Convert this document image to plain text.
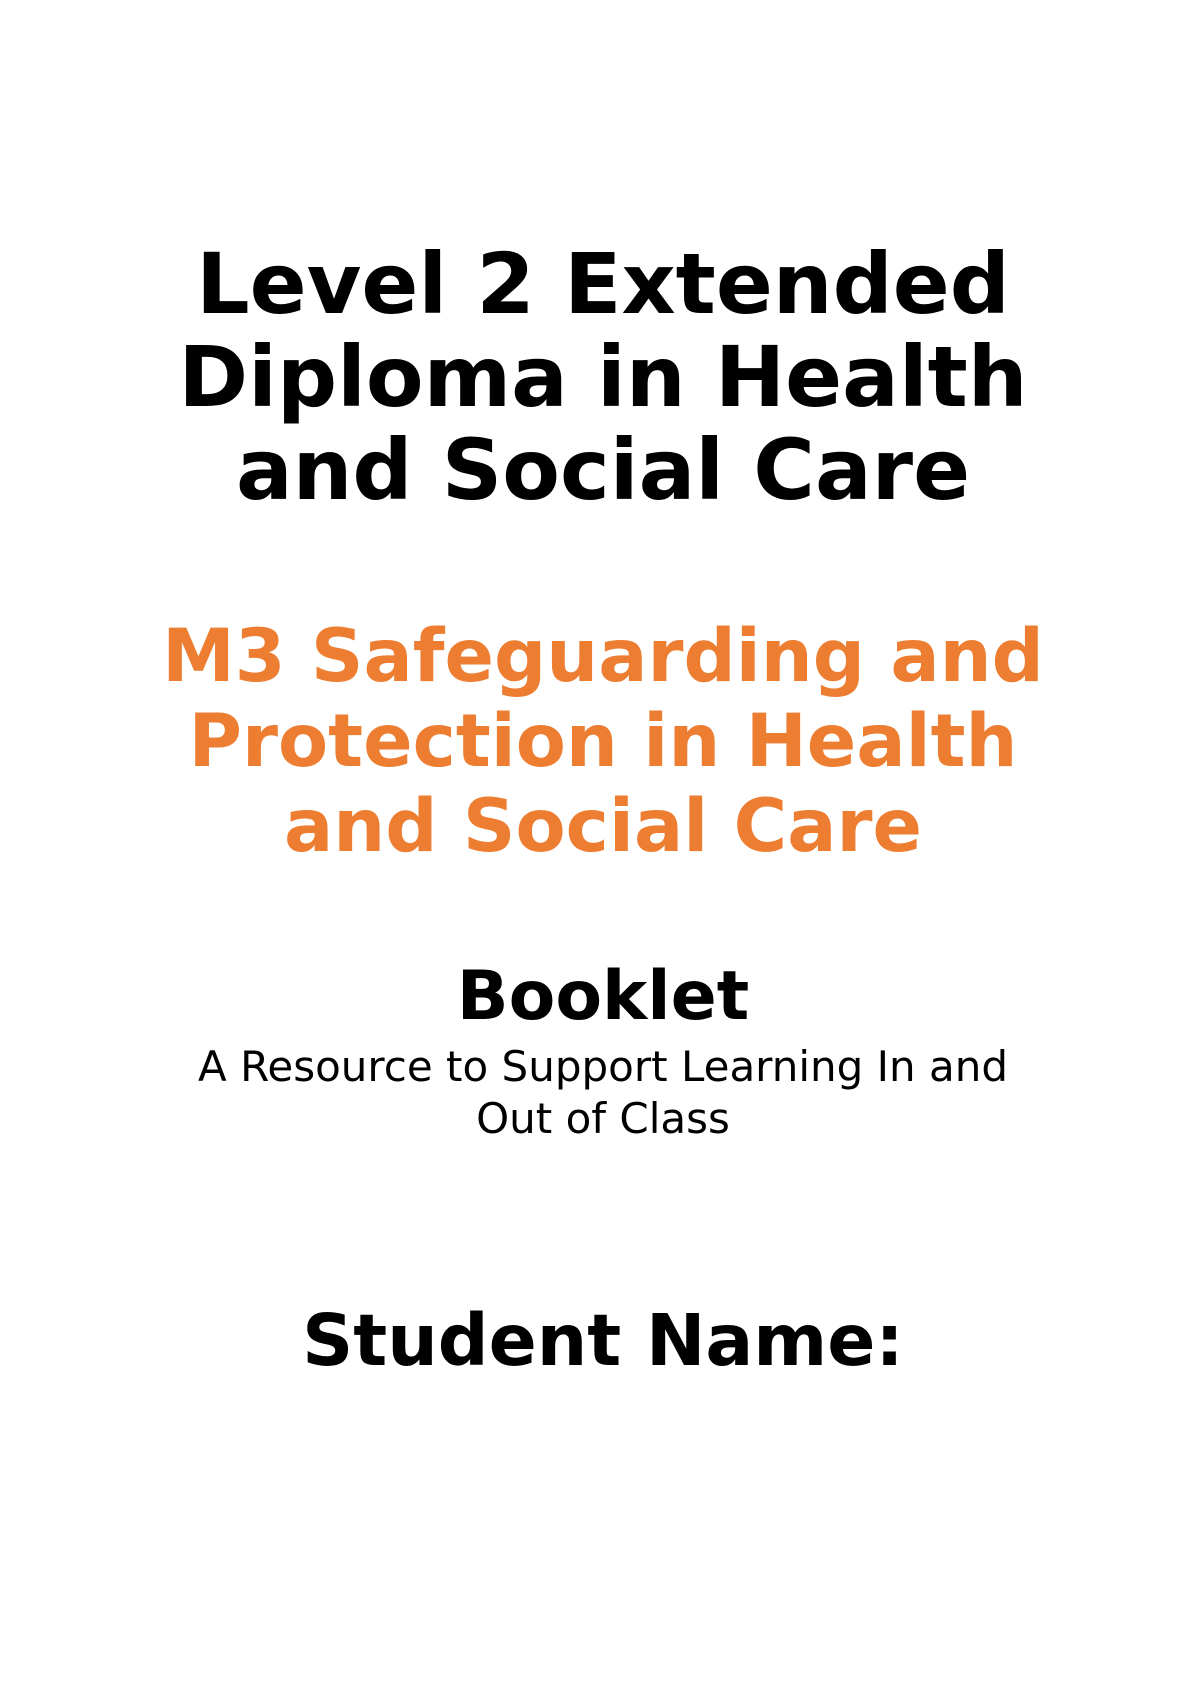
Level 2 Extended
Diploma in Health
and Social Care
M3 Safeguarding and
Protection in Health
and Social Care
Booklet
A Resource to Support Learning In and
Out of Class
Student Name:
